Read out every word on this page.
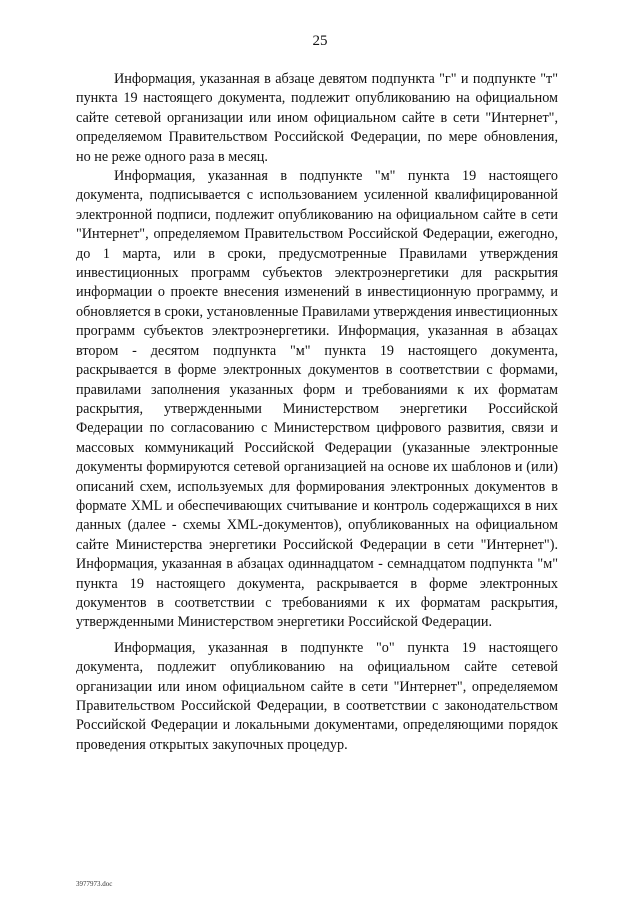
25

Информация, указанная в абзаце девятом подпункта "г" и подпункте "т" пункта 19 настоящего документа, подлежит опубликованию на официальном сайте сетевой организации или ином официальном сайте в сети "Интернет", определяемом Правительством Российской Федерации, по мере обновления, но не реже одного раза в месяц.

Информация, указанная в подпункте "м" пункта 19 настоящего документа, подписывается с использованием усиленной квалифицированной электронной подписи, подлежит опубликованию на официальном сайте в сети "Интернет", определяемом Правительством Российской Федерации, ежегодно, до 1 марта, или в сроки, предусмотренные Правилами утверждения инвестиционных программ субъектов электроэнергетики для раскрытия информации о проекте внесения изменений в инвестиционную программу, и обновляется в сроки, установленные Правилами утверждения инвестиционных программ субъектов электроэнергетики. Информация, указанная в абзацах втором - десятом подпункта "м" пункта 19 настоящего документа, раскрывается в форме электронных документов в соответствии с формами, правилами заполнения указанных форм и требованиями к их форматам раскрытия, утвержденными Министерством энергетики Российской Федерации по согласованию с Министерством цифрового развития, связи и массовых коммуникаций Российской Федерации (указанные электронные документы формируются сетевой организацией на основе их шаблонов и (или) описаний схем, используемых для формирования электронных документов в формате XML и обеспечивающих считывание и контроль содержащихся в них данных (далее - схемы XML-документов), опубликованных на официальном сайте Министерства энергетики Российской Федерации в сети "Интернет"). Информация, указанная в абзацах одиннадцатом - семнадцатом подпункта "м" пункта 19 настоящего документа, раскрывается в форме электронных документов в соответствии с требованиями к их форматам раскрытия, утвержденными Министерством энергетики Российской Федерации.

Информация, указанная в подпункте "о" пункта 19 настоящего документа, подлежит опубликованию на официальном сайте сетевой организации или ином официальном сайте в сети "Интернет", определяемом Правительством Российской Федерации, в соответствии с законодательством Российской Федерации и локальными документами, определяющими порядок проведения открытых закупочных процедур.

3977973.doc
